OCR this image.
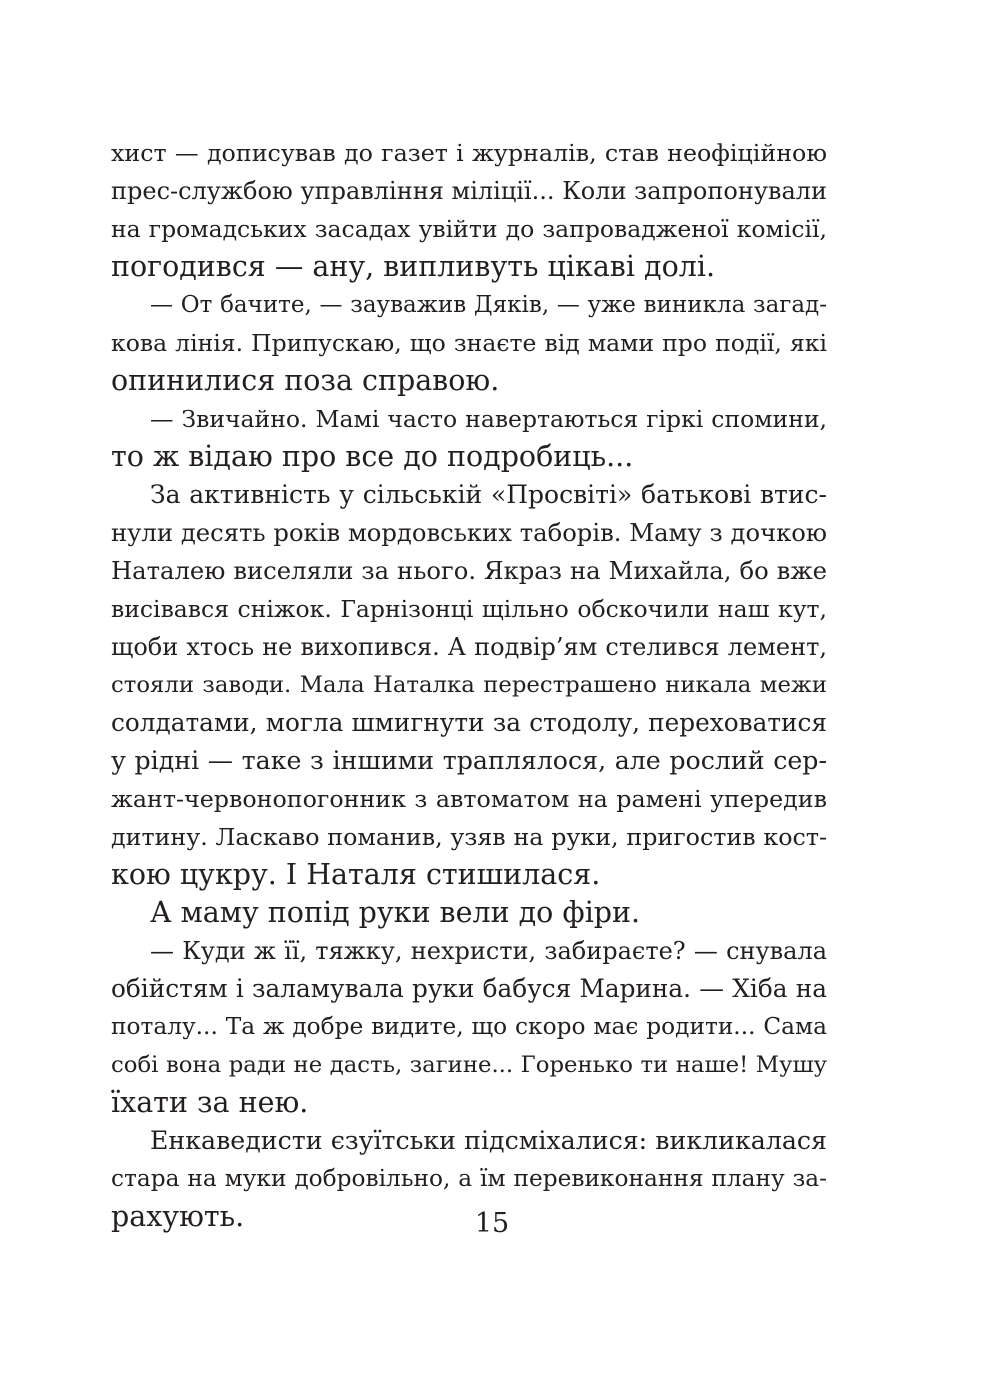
хист — дописував до газет і журналів, став неофіційною
прес-службою управління міліції... Коли запропонували
на громадських засадах увійти до запровадженої комісії,
погодився — ану, випливуть цікаві долі.
— От бачите, — зауважив Дяків, — уже виникла загад-
кова лінія. Припускаю, що знаєте від мами про події, які
опинилися поза справою.
— Звичайно. Мамі часто навертаються гіркі спомини,
то ж відаю про все до подробиць...
За активність у сільській «Просвіті» батькові втис-
нули десять років мордовських таборів. Маму з дочкою
Наталею виселяли за нього. Якраз на Михайла, бо вже
висівався сніжок. Гарнізонці щільно обскочили наш кут,
щоби хтось не вихопився. А подвір’ям стелився лемент,
стояли заводи. Мала Наталка перестрашено никала межи
солдатами, могла шмигнути за стодолу, переховатися
у рідні — таке з іншими траплялося, але рослий сер-
жант-червонопогонник з автоматом на рамені упередив
дитину. Ласкаво поманив, узяв на руки, пригостив кост-
кою цукру. І Наталя стишилася.
А маму попід руки вели до фіри.
— Куди ж її, тяжку, нехристи, забираєте? — снувала
обійстям і заламувала руки бабуся Марина. — Хіба на
поталу... Та ж добре видите, що скоро має родити... Сама
собі вона ради не дасть, загине... Горенько ти наше! Мушу
їхати за нею.
Енкаведисти єзуїтськи підсміхалися: викликалася
стара на муки добровільно, а їм перевиконання плану за-
рахують.	15
